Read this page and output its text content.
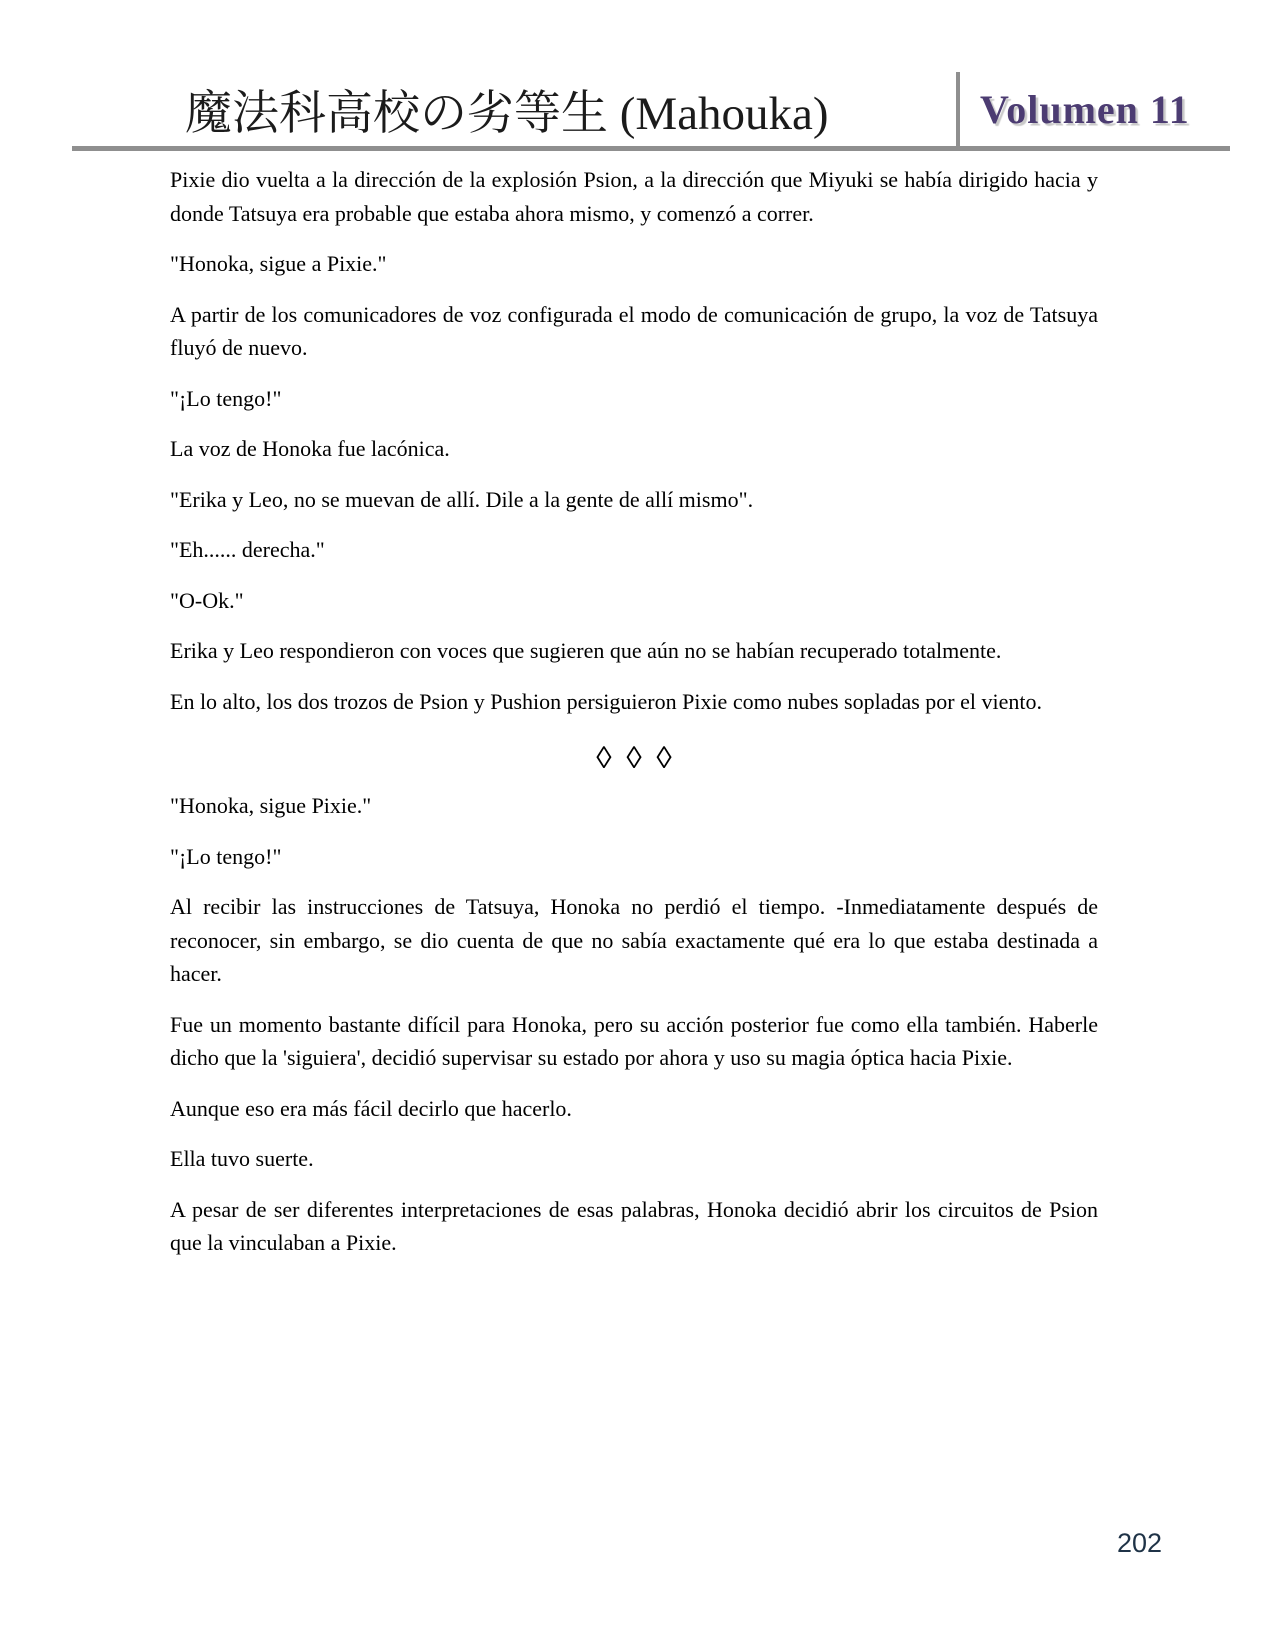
魔法科高校の劣等生 (Mahouka)	Volumen 11

Pixie dio vuelta a la dirección de la explosión Psion, a la dirección que Miyuki se había dirigido hacia y donde Tatsuya era probable que estaba ahora mismo, y comenzó a correr.

"Honoka, sigue a Pixie."

A partir de los comunicadores de voz configurada el modo de comunicación de grupo, la voz de Tatsuya fluyó de nuevo.

"¡Lo tengo!"

La voz de Honoka fue lacónica.

"Erika y Leo, no se muevan de allí. Dile a la gente de allí mismo".

"Eh...... derecha."

"O-Ok."

Erika y Leo respondieron con voces que sugieren que aún no se habían recuperado totalmente.

En lo alto, los dos trozos de Psion y Pushion persiguieron Pixie como nubes sopladas por el viento.

◊ ◊ ◊

"Honoka, sigue Pixie."

"¡Lo tengo!"

Al recibir las instrucciones de Tatsuya, Honoka no perdió el tiempo. -Inmediatamente después de reconocer, sin embargo, se dio cuenta de que no sabía exactamente qué era lo que estaba destinada a hacer.

Fue un momento bastante difícil para Honoka, pero su acción posterior fue como ella también. Haberle dicho que la 'siguiera', decidió supervisar su estado por ahora y uso su magia óptica hacia Pixie.

Aunque eso era más fácil decirlo que hacerlo.

Ella tuvo suerte.

A pesar de ser diferentes interpretaciones de esas palabras, Honoka decidió abrir los circuitos de Psion que la vinculaban a Pixie.

202
